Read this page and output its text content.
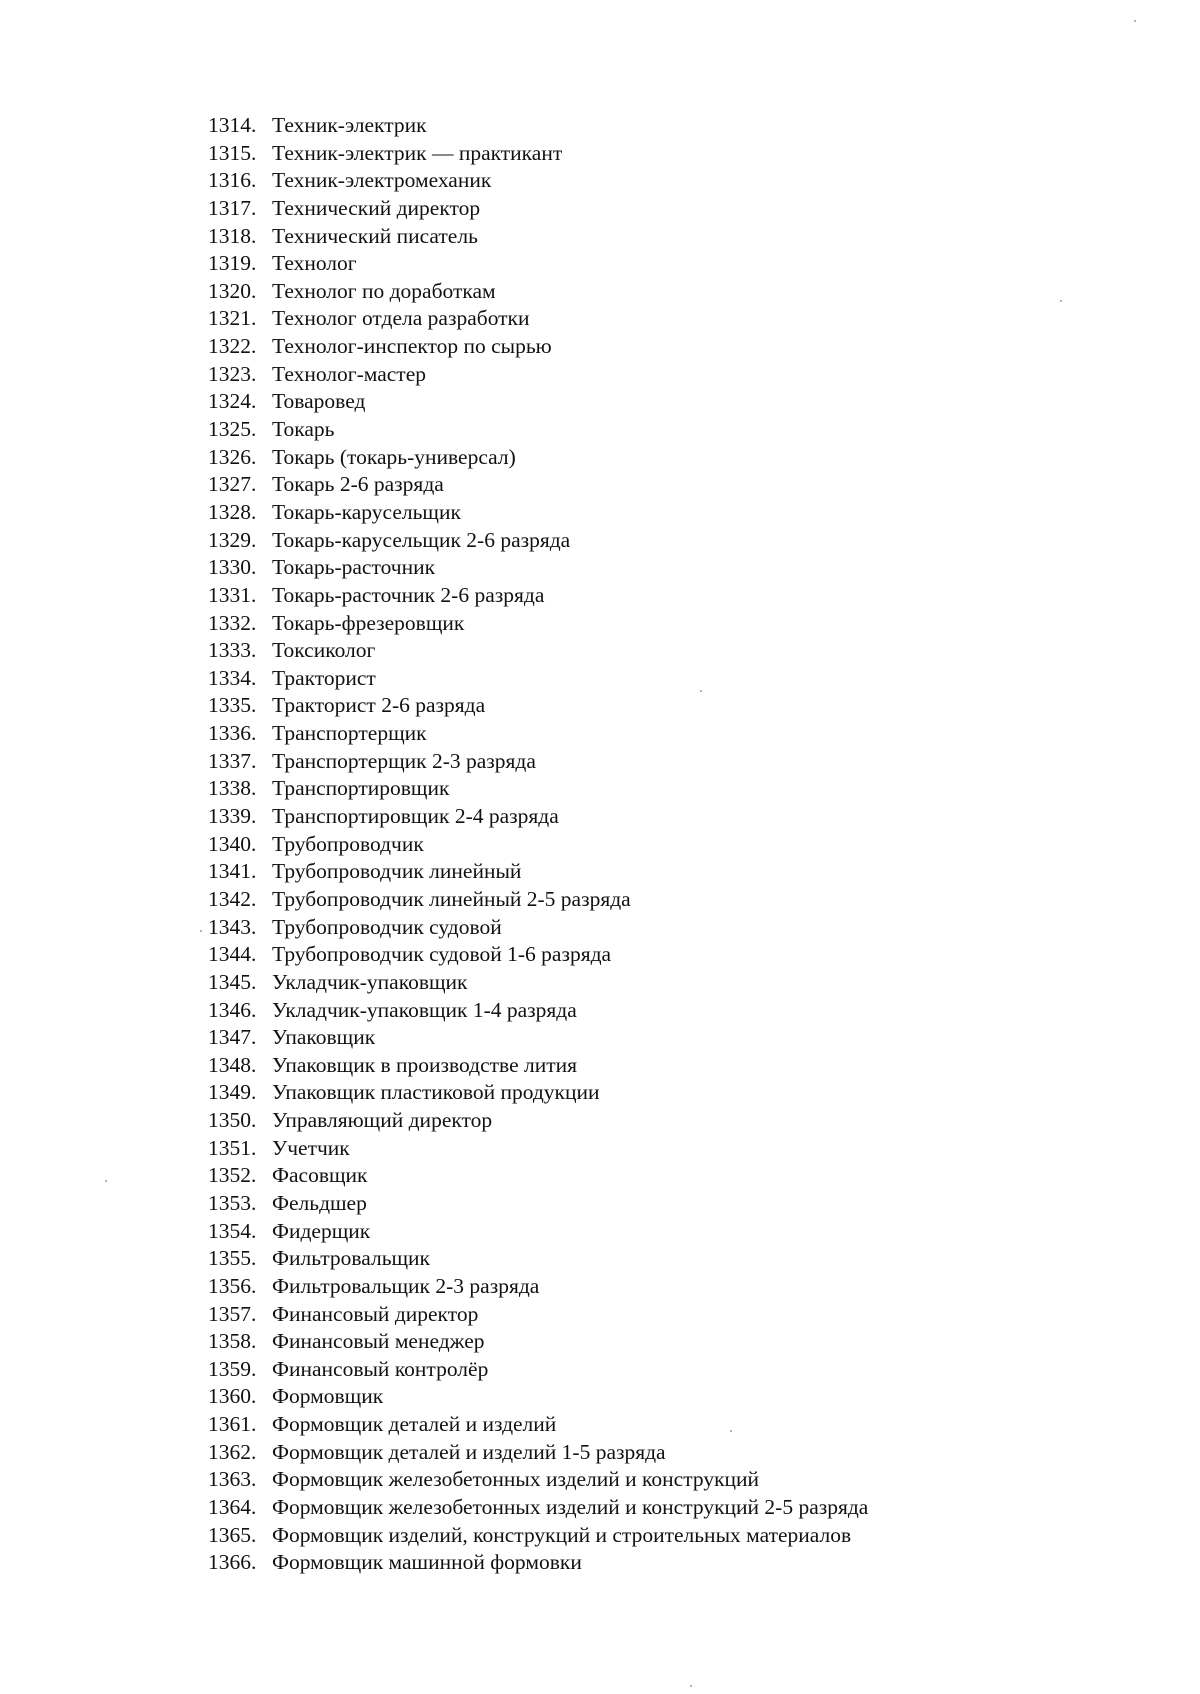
1314. Техник-электрик
1315. Техник-электрик — практикант
1316. Техник-электромеханик
1317. Технический директор
1318. Технический писатель
1319. Технолог
1320. Технолог по доработкам
1321. Технолог отдела разработки
1322. Технолог-инспектор по сырью
1323. Технолог-мастер
1324. Товаровед
1325. Токарь
1326. Токарь (токарь-универсал)
1327. Токарь 2-6 разряда
1328. Токарь-карусельщик
1329. Токарь-карусельщик 2-6 разряда
1330. Токарь-расточник
1331. Токарь-расточник 2-6 разряда
1332. Токарь-фрезеровщик
1333. Токсиколог
1334. Тракторист
1335. Тракторист 2-6 разряда
1336. Транспортерщик
1337. Транспортерщик 2-3 разряда
1338. Транспортировщик
1339. Транспортировщик 2-4 разряда
1340. Трубопроводчик
1341. Трубопроводчик линейный
1342. Трубопроводчик линейный 2-5 разряда
1343. Трубопроводчик судовой
1344. Трубопроводчик судовой 1-6 разряда
1345. Укладчик-упаковщик
1346. Укладчик-упаковщик 1-4 разряда
1347. Упаковщик
1348. Упаковщик в производстве лития
1349. Упаковщик пластиковой продукции
1350. Управляющий директор
1351. Учетчик
1352. Фасовщик
1353. Фельдшер
1354. Фидерщик
1355. Фильтровальщик
1356. Фильтровальщик 2-3 разряда
1357. Финансовый директор
1358. Финансовый менеджер
1359. Финансовый контролёр
1360. Формовщик
1361. Формовщик деталей и изделий
1362. Формовщик деталей и изделий 1-5 разряда
1363. Формовщик железобетонных изделий и конструкций
1364. Формовщик железобетонных изделий и конструкций 2-5 разряда
1365. Формовщик изделий, конструкций и строительных материалов
1366. Формовщик машинной формовки
